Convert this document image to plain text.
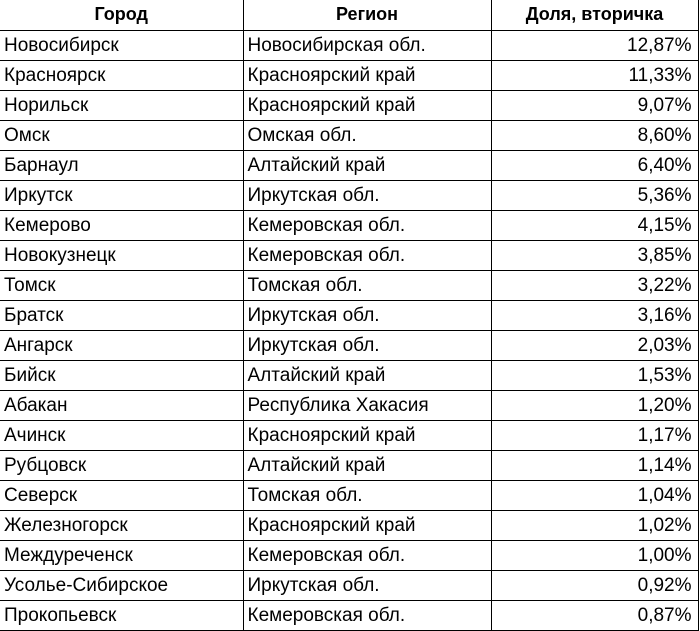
Город	Регион	Доля, вторичка
Новосибирск	Новосибирская обл.	12,87%
Красноярск	Красноярский край	11,33%
Норильск	Красноярский край	9,07%
Омск	Омская обл.	8,60%
Барнаул	Алтайский край	6,40%
Иркутск	Иркутская обл.	5,36%
Кемерово	Кемеровская обл.	4,15%
Новокузнецк	Кемеровская обл.	3,85%
Томск	Томская обл.	3,22%
Братск	Иркутская обл.	3,16%
Ангарск	Иркутская обл.	2,03%
Бийск	Алтайский край	1,53%
Абакан	Республика Хакасия	1,20%
Ачинск	Красноярский край	1,17%
Рубцовск	Алтайский край	1,14%
Северск	Томская обл.	1,04%
Железногорск	Красноярский край	1,02%
Междуреченск	Кемеровская обл.	1,00%
Усолье-Сибирское	Иркутская обл.	0,92%
Прокопьевск	Кемеровская обл.	0,87%
